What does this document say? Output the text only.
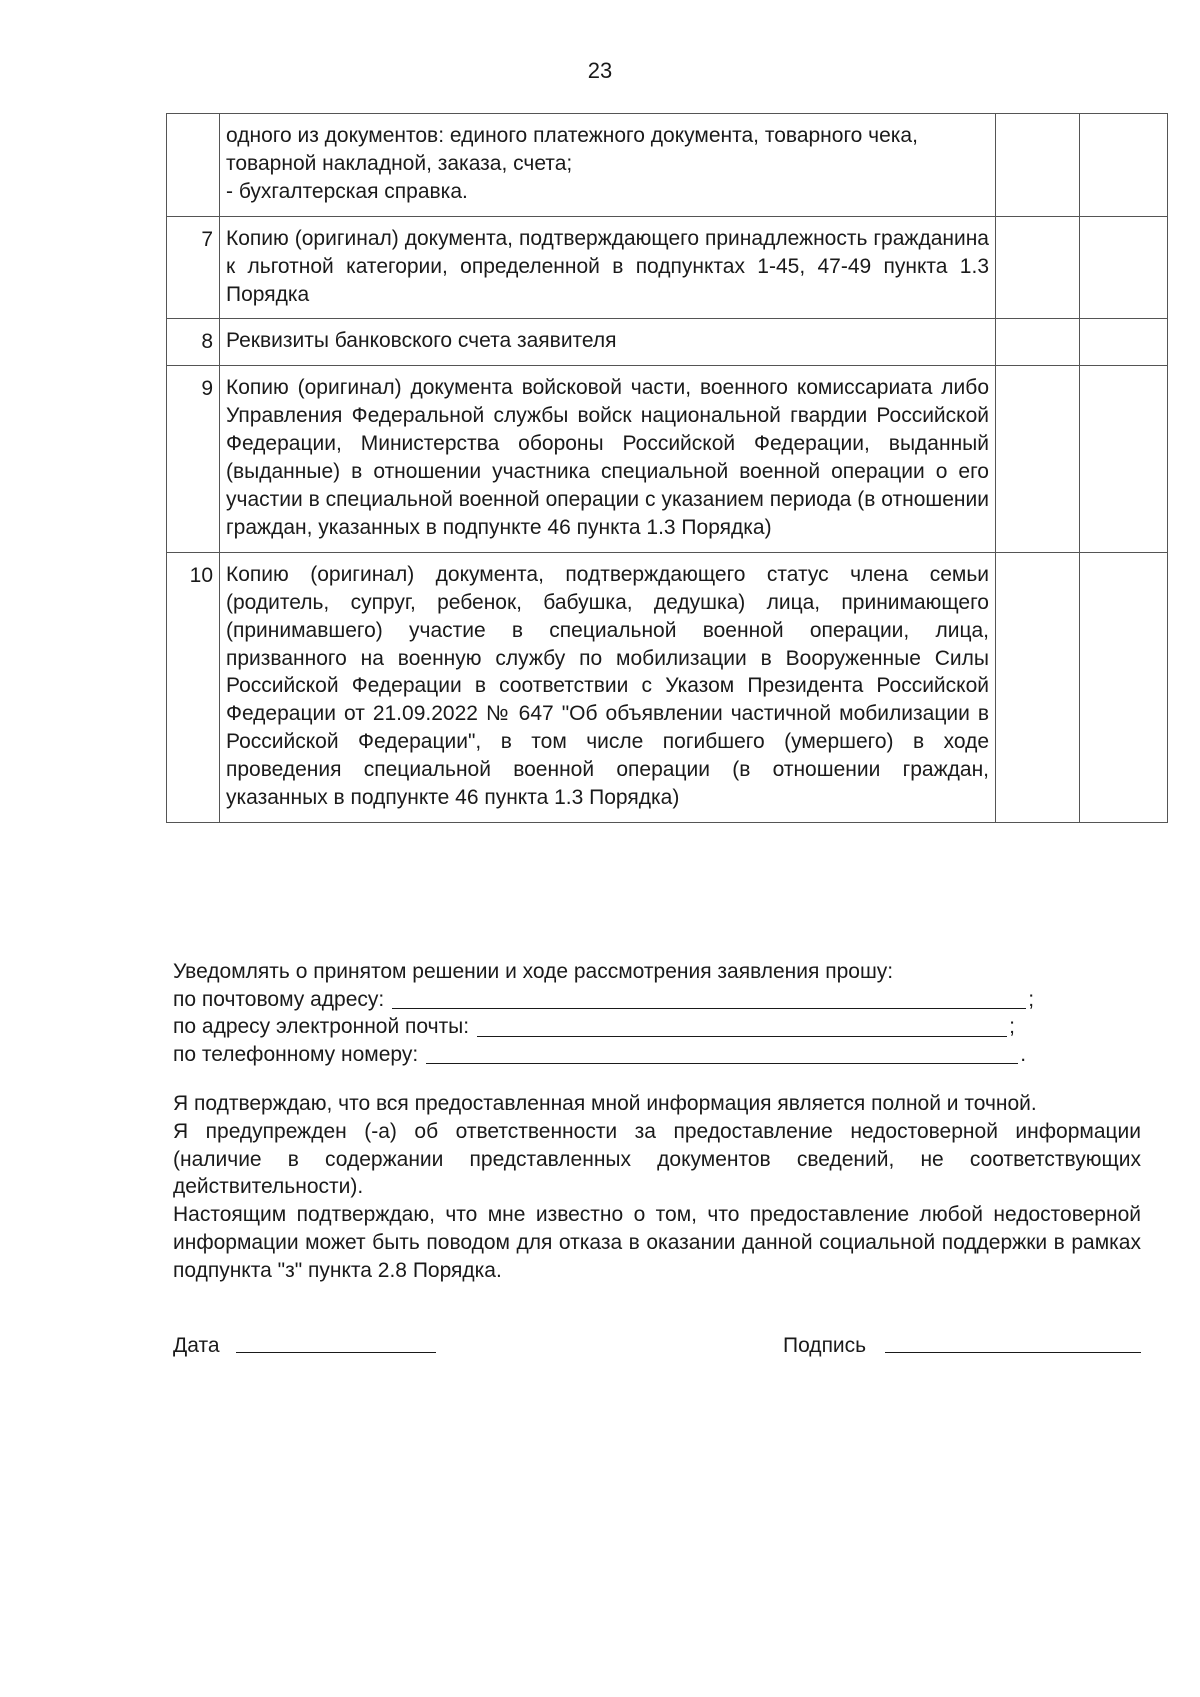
23

	одного из документов: единого платежного документа, товарного чека, товарной накладной, заказа, счета;

- бухгалтерская справка.		

7	Копию (оригинал) документа, подтверждающего принадлежность гражданина к льготной категории, определенной в подпунктах 1-45, 47-49 пункта 1.3 Порядка		

8	Реквизиты банковского счета заявителя		

9	Копию (оригинал) документа войсковой части, военного комиссариата либо Управления Федеральной службы войск национальной гвардии Российской Федерации, Министерства обороны Российской Федерации, выданный (выданные) в отношении участника специальной военной операции о его участии в специальной военной операции с указанием периода (в отношении граждан, указанных в подпункте 46 пункта 1.3 Порядка)		

10	Копию (оригинал) документа, подтверждающего статус члена семьи (родитель, супруг, ребенок, бабушка, дедушка) лица, принимающего (принимавшего) участие в специальной военной операции, лица, призванного на военную службу по мобилизации в Вооруженные Силы Российской Федерации в соответствии с Указом Президента Российской Федерации от 21.09.2022 № 647 "Об объявлении частичной мобилизации в Российской Федерации", в том числе погибшего (умершего) в ходе проведения специальной военной операции (в отношении граждан, указанных в подпункте 46 пункта 1.3 Порядка)		

Уведомлять о принятом решении и ходе рассмотрения заявления прошу:
по почтовому адресу:	;
по адресу электронной почты:	;
по телефонному номеру:	.

Я подтверждаю, что вся предоставленная мной информация является полной и точной.

Я предупрежден (-а) об ответственности за предоставление недостоверной информации (наличие в содержании представленных документов сведений, не соответствующих действительности).

Настоящим подтверждаю, что мне известно о том, что предоставление любой недостоверной информации может быть поводом для отказа в оказании данной социальной поддержки в рамках подпункта "з" пункта 2.8 Порядка.

Дата	Подпись
